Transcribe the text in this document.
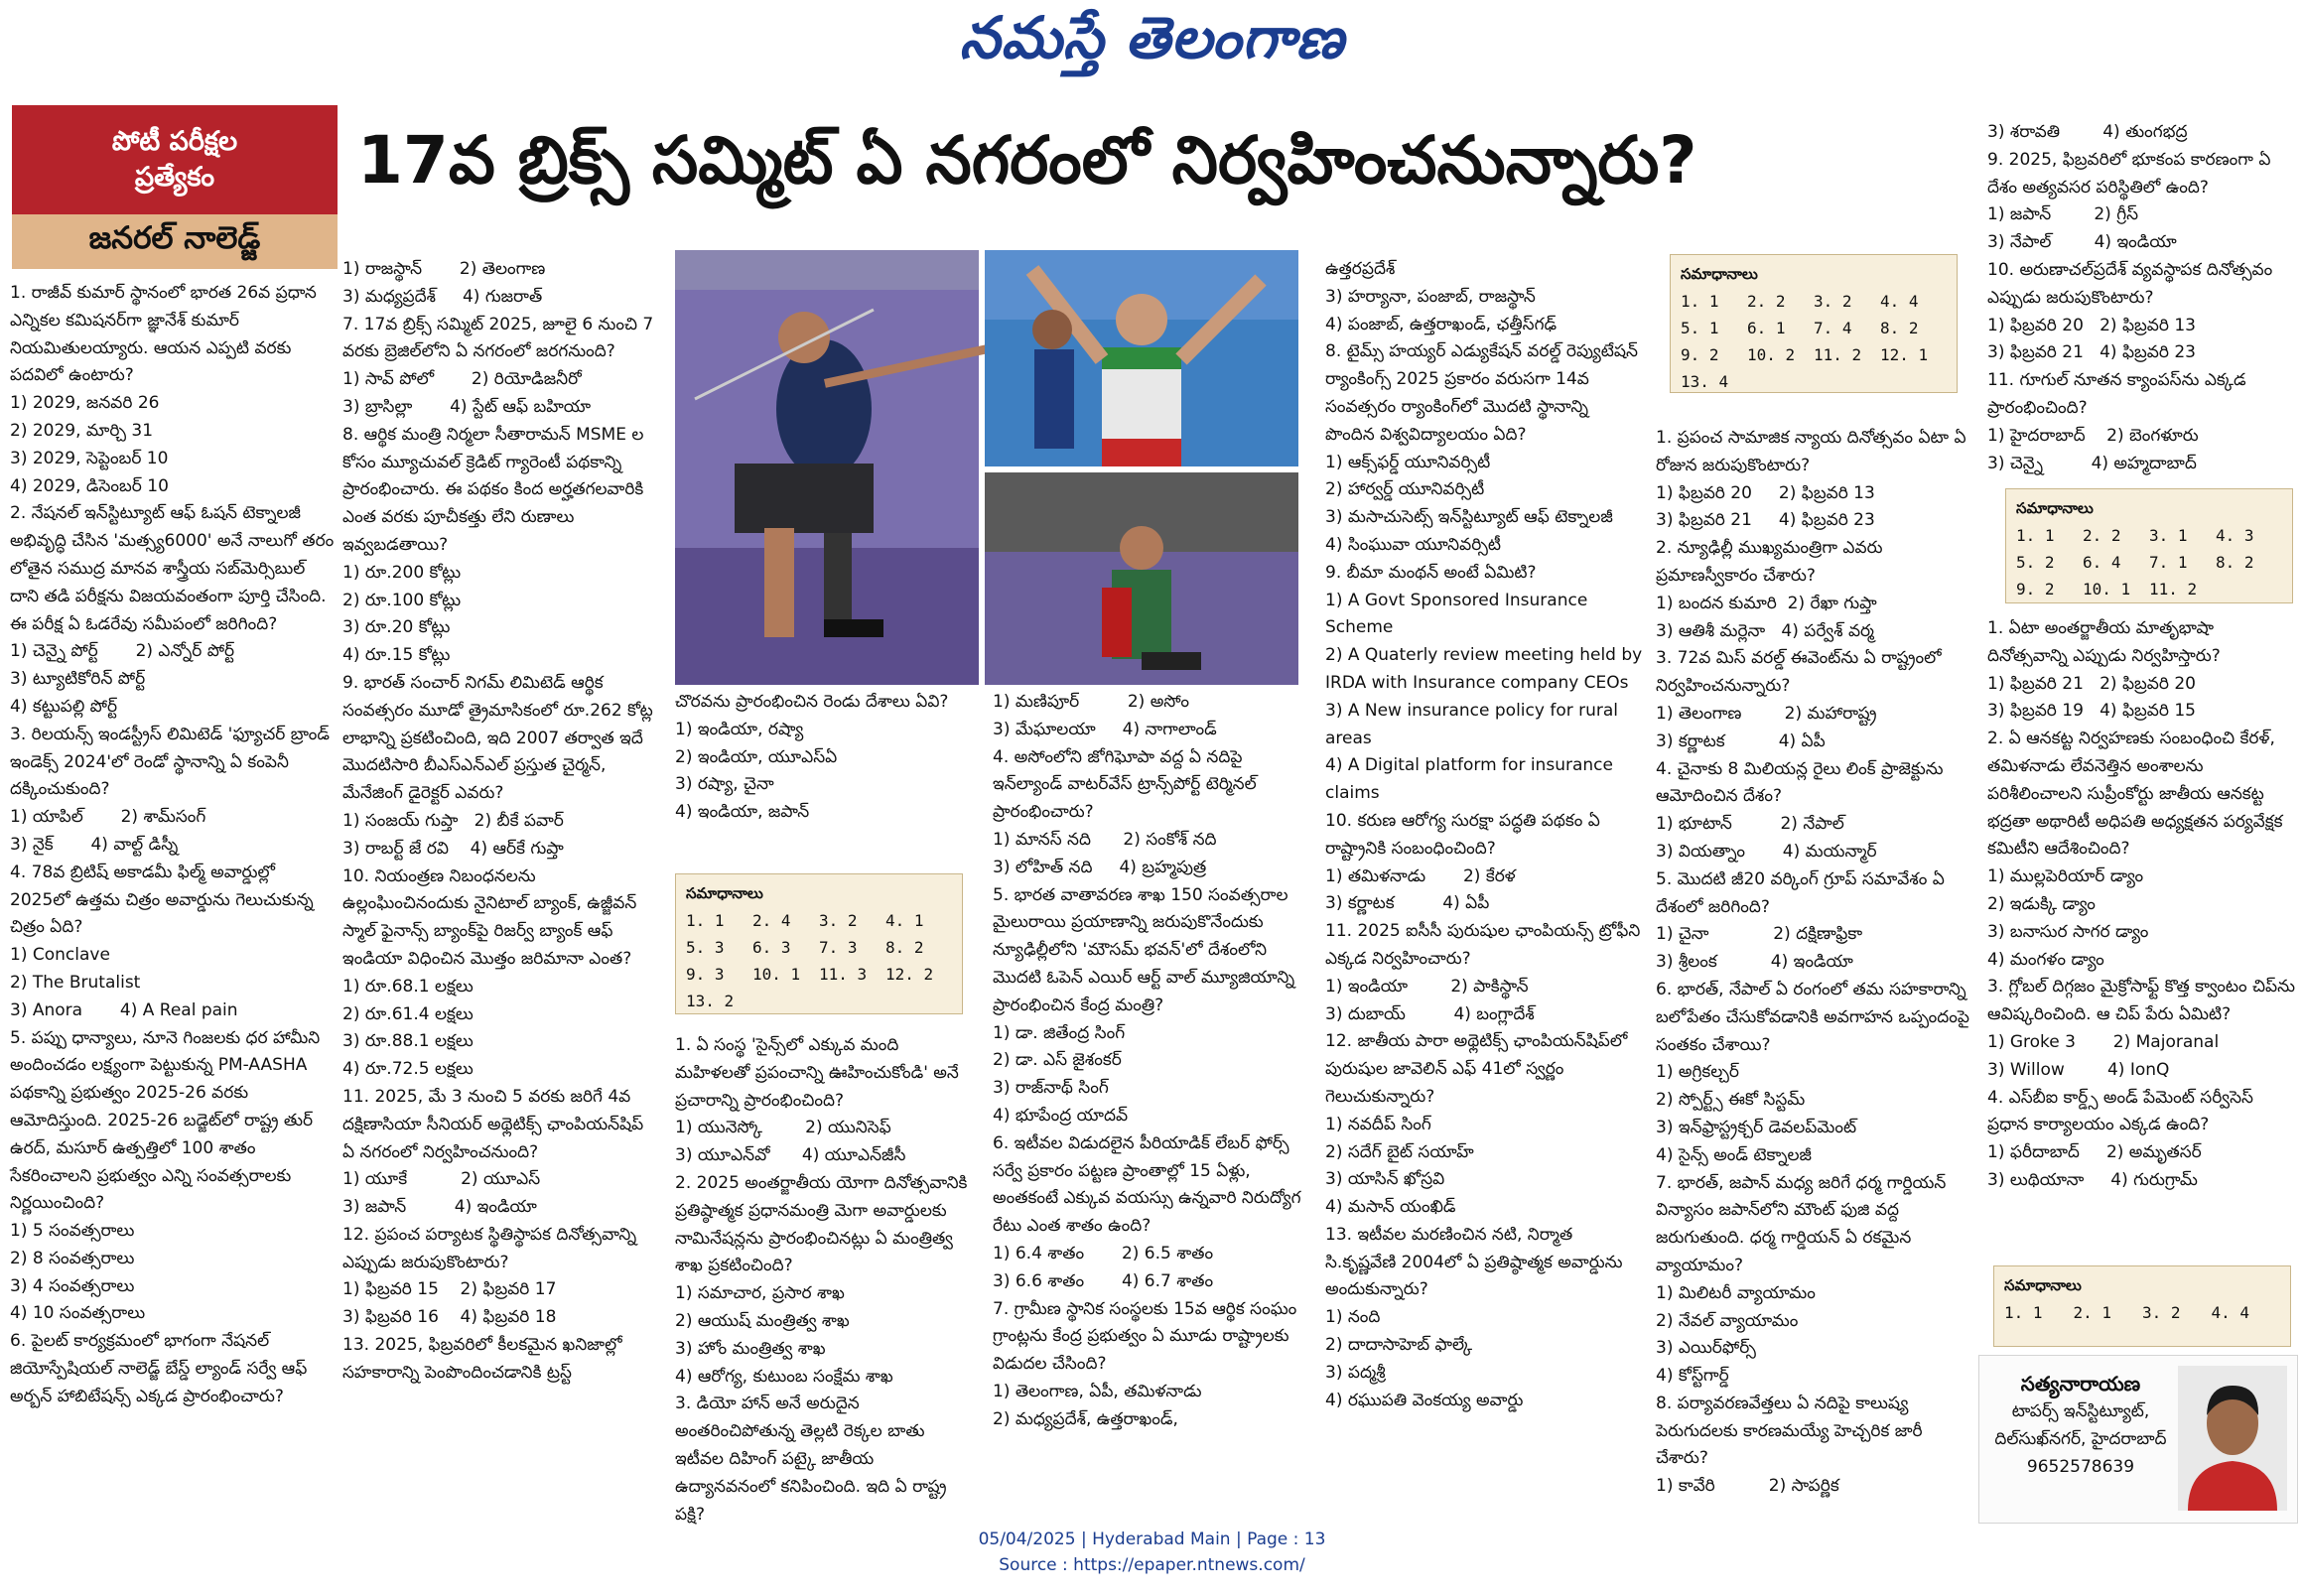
నమస్తే తెలంగాణ
పోటీ పరీక్షల
ప్రత్యేకం
జనరల్ నాలెడ్జ్
17వ బ్రిక్స్ సమ్మిట్ ఏ నగరంలో నిర్వహించనున్నారు?
1. రాజీవ్ కుమార్ స్థానంలో భారత 26వ ప్రధాన ఎన్నికల కమిషనర్‌గా జ్ఞానేశ్ కుమార్ నియమితులయ్యారు. ఆయన ఎప్పటి వరకు పదవిలో ఉంటారు?
1) 2029, జనవరి 26
2) 2029, మార్చి 31
3) 2029, సెప్టెంబర్ 10
4) 2029, డిసెంబర్ 10
2. నేషనల్ ఇన్‌స్టిట్యూట్ ఆఫ్ ఓషన్ టెక్నాలజీ అభివృద్ధి చేసిన 'మత్స్య6000' అనే నాలుగో తరం లోతైన సముద్ర మానవ శాస్త్రీయ సబ్‌మెర్సిబుల్ దాని తడి పరీక్షను విజయవంతంగా పూర్తి చేసింది. ఈ పరీక్ష ఏ ఓడరేవు సమీపంలో జరిగింది?
1) చెన్నై పోర్ట్       2) ఎన్నోర్ పోర్ట్
3) ట్యూటికోరిన్ పోర్ట్
4) కట్టుపల్లి పోర్ట్
3. రిలయన్స్ ఇండస్ట్రీస్ లిమిటెడ్ 'ఫ్యూచర్ బ్రాండ్ ఇండెక్స్ 2024'లో రెండో స్థానాన్ని ఏ కంపెనీ దక్కించుకుంది?
1) యాపిల్       2) శామ్‌సంగ్
3) నైక్       4) వాల్ట్ డిస్నీ
4. 78వ బ్రిటిష్ అకాడమీ ఫిల్మ్ అవార్డుల్లో 2025లో ఉత్తమ చిత్రం అవార్డును గెలుచుకున్న చిత్రం ఏది?
1) Conclave
2) The Brutalist
3) Anora       4) A Real pain
5. పప్పు ధాన్యాలు, నూనె గింజలకు ధర హామీని అందించడం లక్ష్యంగా పెట్టుకున్న PM-AASHA పథకాన్ని ప్రభుత్వం 2025-26 వరకు ఆమోదిస్తుంది. 2025-26 బడ్జెట్‌లో రాష్ట్ర తుర్ ఉరద్, మసూర్ ఉత్పత్తిలో 100 శాతం సేకరించాలని ప్రభుత్వం ఎన్ని సంవత్సరాలకు నిర్ణయించింది?
1) 5 సంవత్సరాలు
2) 8 సంవత్సరాలు
3) 4 సంవత్సరాలు
4) 10 సంవత్సరాలు
6. పైలట్ కార్యక్రమంలో భాగంగా నేషనల్ జియోస్పేషియల్ నాలెడ్జ్ బేస్డ్ ల్యాండ్ సర్వే ఆఫ్ అర్బన్ హాబిటేషన్స్ ఎక్కడ ప్రారంభించారు?
1) రాజస్థాన్       2) తెలంగాణ
3) మధ్యప్రదేశ్     4) గుజరాత్
7. 17వ బ్రిక్స్ సమ్మిట్ 2025, జూలై 6 నుంచి 7 వరకు బ్రెజిల్‌లోని ఏ నగరంలో జరగనుంది?
1) సావ్ పోలో       2) రియోడిజనీరో
3) బ్రాసిల్లా       4) స్టేట్ ఆఫ్ బహియా
8. ఆర్థిక మంత్రి నిర్మలా సీతారామన్ MSME ల కోసం మ్యూచువల్ క్రెడిట్ గ్యారెంటీ పథకాన్ని ప్రారంభించారు. ఈ పథకం కింద అర్హతగలవారికి ఎంత వరకు పూచీకత్తు లేని రుణాలు ఇవ్వబడతాయి?
1) రూ.200 కోట్లు
2) రూ.100 కోట్లు
3) రూ.20 కోట్లు
4) రూ.15 కోట్లు
9. భారత్ సంచార్ నిగమ్ లిమిటెడ్ ఆర్థిక సంవత్సరం మూడో త్రైమాసికంలో రూ.262 కోట్ల లాభాన్ని ప్రకటించింది, ఇది 2007 తర్వాత ఇదే మొదటిసారి బీఎస్‌ఎన్‌ఎల్ ప్రస్తుత చైర్మన్, మేనేజింగ్ డైరెక్టర్ ఎవరు?
1) సంజయ్ గుప్తా   2) బీకే పవార్
3) రాబర్ట్ జే రవి    4) ఆర్‌కే గుప్తా
10. నియంత్రణ నిబంధనలను ఉల్లంఘించినందుకు నైనిటాల్ బ్యాంక్, ఉజ్జీవన్ స్మాల్ ఫైనాన్స్ బ్యాంక్‌పై రిజర్వ్ బ్యాంక్ ఆఫ్ ఇండియా విధించిన మొత్తం జరిమానా ఎంత?
1) రూ.68.1 లక్షలు
2) రూ.61.4 లక్షలు
3) రూ.88.1 లక్షలు
4) రూ.72.5 లక్షలు
11. 2025, మే 3 నుంచి 5 వరకు జరిగే 4వ దక్షిణాసియా సీనియర్ అథ్లెటిక్స్ ఛాంపియన్‌షిప్ ఏ నగరంలో నిర్వహించనుంది?
1) యూకే          2) యూఎస్
3) జపాన్         4) ఇండియా
12. ప్రపంచ పర్యాటక స్థితిస్థాపక దినోత్సవాన్ని ఎప్పుడు జరుపుకొంటారు?
1) ఫిబ్రవరి 15    2) ఫిబ్రవరి 17
3) ఫిబ్రవరి 16    4) ఫిబ్రవరి 18
13. 2025, ఫిబ్రవరిలో కీలకమైన ఖనిజాల్లో సహకారాన్ని పెంపొందించడానికి ట్రస్ట్
చొరవను ప్రారంభించిన రెండు దేశాలు ఏవి?
1) ఇండియా, రష్యా
2) ఇండియా, యూఎస్ఏ
3) రష్యా, చైనా
4) ఇండియా, జపాన్
సమాధానాలు
1. 1	2. 4	3. 2	4. 1
5. 3	6. 3	7. 3	8. 2
9. 3	10. 1	11. 3	12. 2
13. 2
1. ఏ సంస్థ 'సైన్స్‌లో ఎక్కువ మంది మహిళలతో ప్రపంచాన్ని ఊహించుకోండి' అనే ప్రచారాన్ని ప్రారంభించింది?
1) యునెస్కో        2) యునిసెఫ్
3) యూఎన్‌వో      4) యూఎన్‌జీసీ
2. 2025 అంతర్జాతీయ యోగా దినోత్సవానికి ప్రతిష్ఠాత్మక ప్రధానమంత్రి మెగా అవార్డులకు నామినేషన్లను ప్రారంభించినట్లు ఏ మంత్రిత్వ శాఖ ప్రకటించింది?
1) సమాచార, ప్రసార శాఖ
2) ఆయుష్ మంత్రిత్వ శాఖ
3) హోం మంత్రిత్వ శాఖ
4) ఆరోగ్య, కుటుంబ సంక్షేమ శాఖ
3. డియో హాన్ అనే అరుదైన అంతరించిపోతున్న తెల్లటి రెక్కల బాతు ఇటీవల దిహింగ్ పట్కై జాతీయ ఉద్యానవనంలో కనిపించింది. ఇది ఏ రాష్ట్ర పక్షి?
1) మణిపూర్         2) అసోం
3) మేఘాలయా     4) నాగాలాండ్
4. అసోంలోని జోగిఘోపా వద్ద ఏ నదిపై ఇన్‌ల్యాండ్ వాటర్‌వేస్ ట్రాన్స్‌పోర్ట్ టెర్మినల్ ప్రారంభించారు?
1) మానస్ నది      2) సంకోశ్ నది
3) లోహిత్ నది     4) బ్రహ్మపుత్ర
5. భారత వాతావరణ శాఖ 150 సంవత్సరాల మైలురాయి ప్రయాణాన్ని జరుపుకొనేందుకు న్యూఢిల్లీలోని 'మౌసమ్ భవన్'లో దేశంలోని మొదటి ఓపెన్ ఎయిర్ ఆర్ట్ వాల్ మ్యూజియాన్ని ప్రారంభించిన కేంద్ర మంత్రి?
1) డా. జితేంద్ర సింగ్
2) డా. ఎస్ జైశంకర్
3) రాజ్‌నాథ్ సింగ్
4) భూపేంద్ర యాదవ్
6. ఇటీవల విడుదలైన పీరియాడిక్ లేబర్ ఫోర్స్ సర్వే ప్రకారం పట్టణ ప్రాంతాల్లో 15 ఏళ్లు, అంతకంటే ఎక్కువ వయస్సు ఉన్నవారి నిరుద్యోగ రేటు ఎంత శాతం ఉంది?
1) 6.4 శాతం       2) 6.5 శాతం
3) 6.6 శాతం       4) 6.7 శాతం
7. గ్రామీణ స్థానిక సంస్థలకు 15వ ఆర్థిక సంఘం గ్రాంట్లను కేంద్ర ప్రభుత్వం ఏ మూడు రాష్ట్రాలకు విడుదల చేసింది?
1) తెలంగాణ, ఏపీ, తమిళనాడు
2) మధ్యప్రదేశ్, ఉత్తరాఖండ్,
ఉత్తరప్రదేశ్
3) హర్యానా, పంజాబ్, రాజస్థాన్
4) పంజాబ్, ఉత్తరాఖండ్, ఛత్తీస్‌గఢ్
8. టైమ్స్ హయ్యర్ ఎడ్యుకేషన్ వరల్డ్ రెప్యుటేషన్ ర్యాంకింగ్స్ 2025 ప్రకారం వరుసగా 14వ సంవత్సరం ర్యాంకింగ్‌లో మొదటి స్థానాన్ని పొందిన విశ్వవిద్యాలయం ఏది?
1) ఆక్స్‌ఫర్డ్ యూనివర్సిటీ
2) హార్వర్డ్ యూనివర్సిటీ
3) మసాచుసెట్స్ ఇన్‌స్టిట్యూట్ ఆఫ్ టెక్నాలజీ
4) సింఘువా యూనివర్సిటీ
9. బీమా మంథన్ అంటే ఏమిటి?
1) A Govt Sponsored Insurance Scheme
2) A Quaterly review meeting held by IRDA with Insurance company CEOs
3) A New insurance policy for rural areas
4) A Digital platform for insurance claims
10. కరుణ ఆరోగ్య సురక్షా పద్ధతి పథకం ఏ రాష్ట్రానికి సంబంధించింది?
1) తమిళనాడు       2) కేరళ
3) కర్ణాటక         4) ఏపీ
11. 2025 ఐసీసీ పురుషుల ఛాంపియన్స్ ట్రోఫీని ఎక్కడ నిర్వహించారు?
1) ఇండియా        2) పాకిస్థాన్
3) దుబాయ్         4) బంగ్లాదేశ్
12. జాతీయ పారా అథ్లెటిక్స్ ఛాంపియన్‌షిప్‌లో పురుషుల జావెలిన్ ఎఫ్ 41లో స్వర్ణం గెలుచుకున్నారు?
1) నవదీప్ సింగ్
2) సదేగ్ బైట్ సయాహ్
3) యాసిన్ ఖోస్రవి
4) మసాన్ యంఖిడ్
13. ఇటీవల మరణించిన నటి, నిర్మాత సి.కృష్ణవేణి 2004లో ఏ ప్రతిష్ఠాత్మక అవార్డును అందుకున్నారు?
1) నంది
2) దాదాసాహెబ్ ఫాల్కే
3) పద్మశ్రీ
4) రఘుపతి వెంకయ్య అవార్డు
సమాధానాలు
1. 1	2. 2	3. 2	4. 4
5. 1	6. 1	7. 4	8. 2
9. 2	10. 2	11. 2	12. 1
13. 4
1. ప్రపంచ సామాజిక న్యాయ దినోత్సవం ఏటా ఏ రోజున జరుపుకొంటారు?
1) ఫిబ్రవరి 20     2) ఫిబ్రవరి 13
3) ఫిబ్రవరి 21     4) ఫిబ్రవరి 23
2. న్యూఢిల్లీ ముఖ్యమంత్రిగా ఎవరు ప్రమాణస్వీకారం చేశారు?
1) బందన కుమారి  2) రేఖా గుప్తా
3) ఆతిశీ మర్లెనా   4) పర్వేశ్ వర్మ
3. 72వ మిస్ వరల్డ్ ఈవెంట్‌ను ఏ రాష్ట్రంలో నిర్వహించనున్నారు?
1) తెలంగాణ        2) మహారాష్ట్ర
3) కర్ణాటక          4) ఏపీ
4. చైనాకు 8 మిలియన్ల రైలు లింక్ ప్రాజెక్టును ఆమోదించిన దేశం?
1) భూటాన్         2) నేపాల్
3) వియత్నాం       4) మయన్మార్
5. మొదటి జీ20 వర్కింగ్ గ్రూప్ సమావేశం ఏ దేశంలో జరిగింది?
1) చైనా            2) దక్షిణాఫ్రికా
3) శ్రీలంక          4) ఇండియా
6. భారత్, నేపాల్ ఏ రంగంలో తమ సహకారాన్ని బలోపేతం చేసుకోవడానికి అవగాహన ఒప్పందంపై సంతకం చేశాయి?
1) అగ్రికల్చర్
2) స్పోర్ట్స్ ఈకో సిస్టమ్
3) ఇన్‌ఫ్రాస్ట్రక్చర్ డెవలప్‌మెంట్
4) సైన్స్ అండ్ టెక్నాలజీ
7. భారత్, జపాన్ మధ్య జరిగే ధర్మ గార్డియన్ విన్యాసం జపాన్‌లోని మౌంట్ ఫుజి వద్ద జరుగుతుంది. ధర్మ గార్డియన్ ఏ రకమైన వ్యాయామం?
1) మిలిటరీ వ్యాయామం
2) నేవల్ వ్యాయామం
3) ఎయిర్‌ఫోర్స్
4) కోస్ట్‌గార్డ్
8. పర్యావరణవేత్తలు ఏ నదిపై కాలుష్య పెరుగుదలకు కారణమయ్యే హెచ్చరిక జారీ చేశారు?
1) కావేరి          2) సాపర్ణిక
3) శరావతి        4) తుంగభద్ర
9. 2025, ఫిబ్రవరిలో భూకంప కారణంగా ఏ దేశం అత్యవసర పరిస్థితిలో ఉంది?
1) జపాన్        2) గ్రీస్
3) నేపాల్        4) ఇండియా
10. అరుణాచల్‌ప్రదేశ్ వ్యవస్థాపక దినోత్సవం ఎప్పుడు జరుపుకొంటారు?
1) ఫిబ్రవరి 20   2) ఫిబ్రవరి 13
3) ఫిబ్రవరి 21   4) ఫిబ్రవరి 23
11. గూగుల్ నూతన క్యాంపస్‌ను ఎక్కడ ప్రారంభించింది?
1) హైదరాబాద్    2) బెంగళూరు
3) చెన్నై         4) అహ్మదాబాద్
సమాధానాలు
1. 1	2. 2	3. 1	4. 3
5. 2	6. 4	7. 1	8. 2
9. 2	10. 1	11. 2
1. ఏటా అంతర్జాతీయ మాతృభాషా దినోత్సవాన్ని ఎప్పుడు నిర్వహిస్తారు?
1) ఫిబ్రవరి 21   2) ఫిబ్రవరి 20
3) ఫిబ్రవరి 19   4) ఫిబ్రవరి 15
2. ఏ ఆనకట్ట నిర్వహణకు సంబంధించి కేరళ్, తమిళనాడు లేవనెత్తిన అంశాలను పరిశీలించాలని సుప్రీంకోర్టు జాతీయ ఆనకట్ట భద్రతా అథారిటీ అధిపతి అధ్యక్షతన పర్యవేక్షక కమిటీని ఆదేశించింది?
1) ముల్లపెరియార్ డ్యాం
2) ఇడుక్కి డ్యాం
3) బనాసుర సాగర డ్యాం
4) మంగళం డ్యాం
3. గ్లోబల్ దిగ్గజం మైక్రోసాఫ్ట్ కొత్త క్వాంటం చిప్‌ను ఆవిష్కరించింది. ఆ చిప్ పేరు ఏమిటి?
1) Groke 3       2) Majoranal
3) Willow        4) IonQ
4. ఎస్‌బీఐ కార్డ్స్ అండ్ పేమెంట్ సర్వీసెస్ ప్రధాన కార్యాలయం ఎక్కడ ఉంది?
1) ఫరీదాబాద్     2) అమృతసర్
3) లుథియానా     4) గురుగ్రామ్
సమాధానాలు
1. 1	2. 1	3. 2	4. 4
సత్యనారాయణ
టాపర్స్ ఇన్‌స్టిట్యూట్,
దిల్‌సుఖ్‌నగర్, హైదరాబాద్
9652578639
05/04/2025 | Hyderabad Main | Page : 13
Source : https://epaper.ntnews.com/
